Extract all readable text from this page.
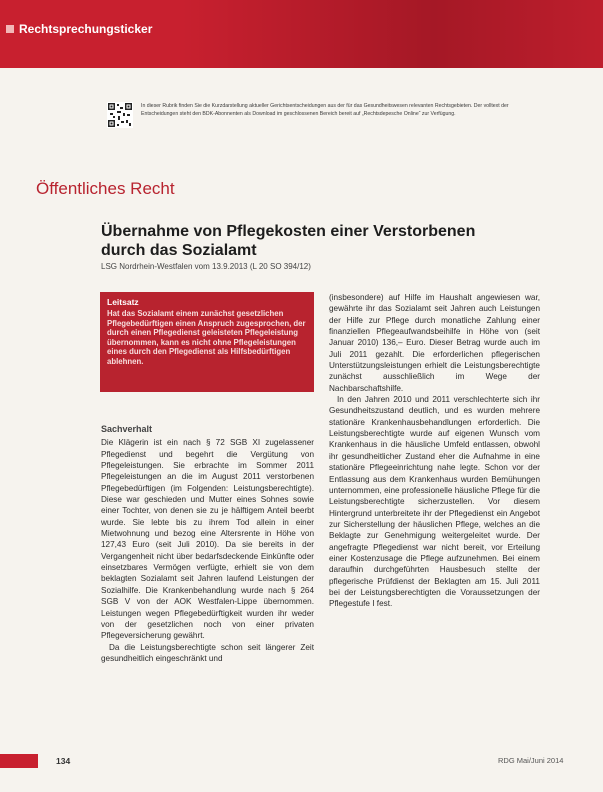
Rechtsprechungsticker
In dieser Rubrik finden Sie die Kurzdarstellung aktueller Gerichtsentscheidungen aus der für das Gesundheitswesen relevanten Rechtsgebieten. Der volltext der Entscheidungen steht den BDK-Abonnenten als Download im geschlossenen Bereich bereit auf „Rechtsdepesche Online“ zur Verfügung.
Öffentliches Recht
Übernahme von Pflegekosten einer Verstorbenen durch das Sozialamt
LSG Nordrhein-Westfalen vom 13.9.2013 (L 20 SO 394/12)
Leitsatz

Hat das Sozialamt einem zunächst gesetzlichen Pflegebedürftigen einen Anspruch zugesprochen, der durch einen Pflegedienst geleisteten Pflegeleistung übernommen, kann es nicht ohne Pflegeleistungen eines durch den Pflegedienst als Hilfsbedürftigen ablehnen.

Sachverhalt

Die Klägerin ist ein nach § 72 SGB XI zugelassener Pflegedienst und begehrt die Vergütung von Pflegeleistungen. Sie erbrachte im Sommer 2011 Pflegeleistungen an die im August 2011 verstorbenen Pflegebedürftigen (im Folgenden: Leistungsberechtigte). Diese war geschieden und Mutter eines Sohnes sowie einer Tochter, von denen sie zu je hälftigem Anteil beerbt wurde. Sie lebte bis zu ihrem Tod allein in einer Mietwohnung und bezog eine Altersrente in Höhe von 127,43 Euro (seit Juli 2010). Da sie bereits in der Vergangenheit nicht über bedarfsdeckende Einkünfte oder einsetzbares Vermögen verfügte, erhielt sie von dem beklagten Sozialamt seit Jahren laufend Leistungen der Sozialhilfe. Die Krankenbehandlung wurde nach § 264 SGB V von der AOK Westfalen-Lippe übernommen. Leistungen wegen Pflegebedürftigkeit wurden ihr weder von der gesetzlichen noch von einer privaten Pflegeversicherung gewährt.

Da die Leistungsberechtigte schon seit längerer Zeit gesundheitlich eingeschränkt und

(insbesondere) auf Hilfe im Haushalt angewiesen war, gewährte ihr das Sozialamt seit Jahren auch Leistungen der Hilfe zur Pflege durch monatliche Zahlung einer finanziellen Pflegeaufwandsbeihilfe in Höhe von (seit Januar 2010) 136,– Euro. Dieser Betrag wurde auch im Juli 2011 gezahlt. Die erforderlichen pflegerischen Unterstützungsleistungen erhielt die Leistungsberechtigte zunächst ausschließlich im Wege der Nachbarschaftshilfe.

In den Jahren 2010 und 2011 verschlechterte sich ihr Gesundheitszustand deutlich, und es wurden mehrere stationäre Krankenhausbehandlungen erforderlich. Die Leistungsberechtigte wurde auf eigenen Wunsch vom Krankenhaus in die häusliche Umfeld entlassen, obwohl ihr gesundheitlicher Zustand eher die Aufnahme in eine stationäre Pflegeeinrichtung nahe legte. Schon vor der Entlassung aus dem Krankenhaus wurden Bemühungen unternommen, eine professionelle häusliche Pflege für die Leistungsberechtigte sicherzustellen. Vor diesem Hintergrund unterbreitete ihr der Pflegedienst ein Angebot zur Sicherstellung der häuslichen Pflege, welches an die Beklagte zur Genehmigung weitergeleitet wurde. Der angefragte Pflegedienst war nicht bereit, vor Erteilung einer Kostenzusage die Pflege aufzunehmen. Bei einem daraufhin durchgeführten Hausbesuch stellte der pflegerische Prüfdienst der Beklagten am 15. Juli 2011 bei der Leistungsberechtigten die Voraussetzungen der Pflegestufe I fest.

134	RDG Mai/Juni 2014
